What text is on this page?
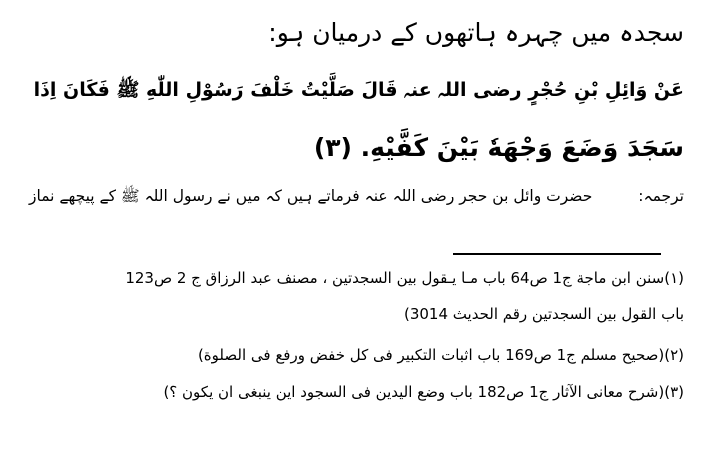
سجدہ میں چہرہ ہاتھوں کے درمیان ہو:
عَنْ وَائِلِ بْنِ حُجْرٍ رضی اللہ عنہ قَالَ صَلَّيْتُ خَلْفَ رَسُوْلِ اللّٰهِ ﷺ فَكَانَ اِذَا
سَجَدَ وَضَعَ وَجْهَهٗ بَيْنَ كَفَّيْهِ. (٣)
ترجمہ:حضرت وائل بن حجر رضی اللہ عنہ فرماتے ہیں کہ میں نے رسول اللہ ﷺ کے پیچھے نماز
(١)سنن ابن ماجة ج1 ص64 باب مـا يـقول بين السجدتين ، مصنف عبد الرزاق ج 2 ص123
باب القول بين السجدتين رقم الحديث 3014)
(٢)(صحيح مسلم ج1 ص169 باب اثبات التكبير فى كل خفض ورفع فى الصلوة)
(٣)(شرح معانى الآثار ج1 ص182 باب وضع اليدين فى السجود اين ينبغى ان يكون ؟)
